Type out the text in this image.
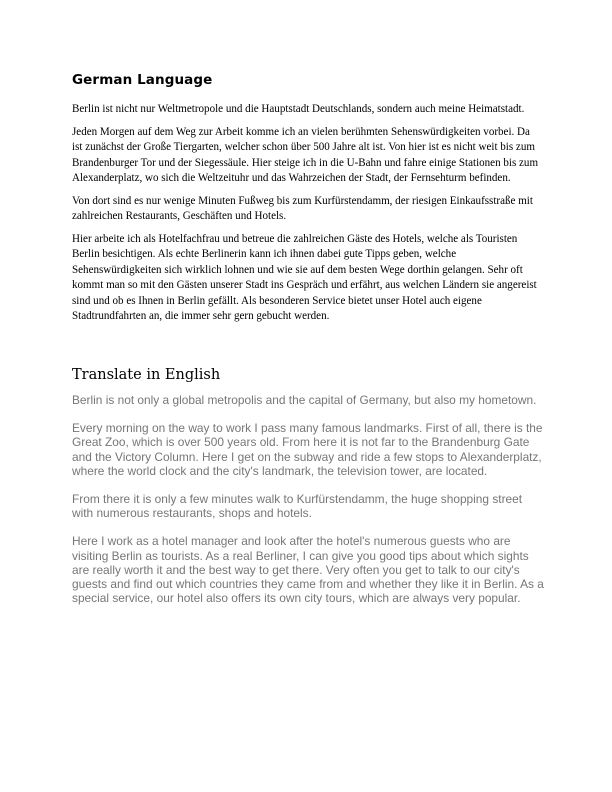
German Language

Berlin ist nicht nur Weltmetropole und die Hauptstadt Deutschlands, sondern auch meine Heimatstadt.

Jeden Morgen auf dem Weg zur Arbeit komme ich an vielen berühmten Sehenswürdigkeiten vorbei. Da ist zunächst der Große Tiergarten, welcher schon über 500 Jahre alt ist. Von hier ist es nicht weit bis zum Brandenburger Tor und der Siegessäule. Hier steige ich in die U-Bahn und fahre einige Stationen bis zum Alexanderplatz, wo sich die Weltzeituhr und das Wahrzeichen der Stadt, der Fernsehturm befinden.

Von dort sind es nur wenige Minuten Fußweg bis zum Kurfürstendamm, der riesigen Einkaufsstraße mit zahlreichen Restaurants, Geschäften und Hotels.

Hier arbeite ich als Hotelfachfrau und betreue die zahlreichen Gäste des Hotels, welche als Touristen Berlin besichtigen. Als echte Berlinerin kann ich ihnen dabei gute Tipps geben, welche Sehenswürdigkeiten sich wirklich lohnen und wie sie auf dem besten Wege dorthin gelangen. Sehr oft kommt man so mit den Gästen unserer Stadt ins Gespräch und erfährt, aus welchen Ländern sie angereist sind und ob es Ihnen in Berlin gefällt. Als besonderen Service bietet unser Hotel auch eigene Stadtrundfahrten an, die immer sehr gern gebucht werden.

Translate in English

Berlin is not only a global metropolis and the capital of Germany, but also my hometown.

Every morning on the way to work I pass many famous landmarks. First of all, there is the Great Zoo, which is over 500 years old. From here it is not far to the Brandenburg Gate and the Victory Column. Here I get on the subway and ride a few stops to Alexanderplatz, where the world clock and the city's landmark, the television tower, are located.

From there it is only a few minutes walk to Kurfürstendamm, the huge shopping street with numerous restaurants, shops and hotels.

Here I work as a hotel manager and look after the hotel's numerous guests who are visiting Berlin as tourists. As a real Berliner, I can give you good tips about which sights are really worth it and the best way to get there. Very often you get to talk to our city's guests and find out which countries they came from and whether they like it in Berlin. As a special service, our hotel also offers its own city tours, which are always very popular.
